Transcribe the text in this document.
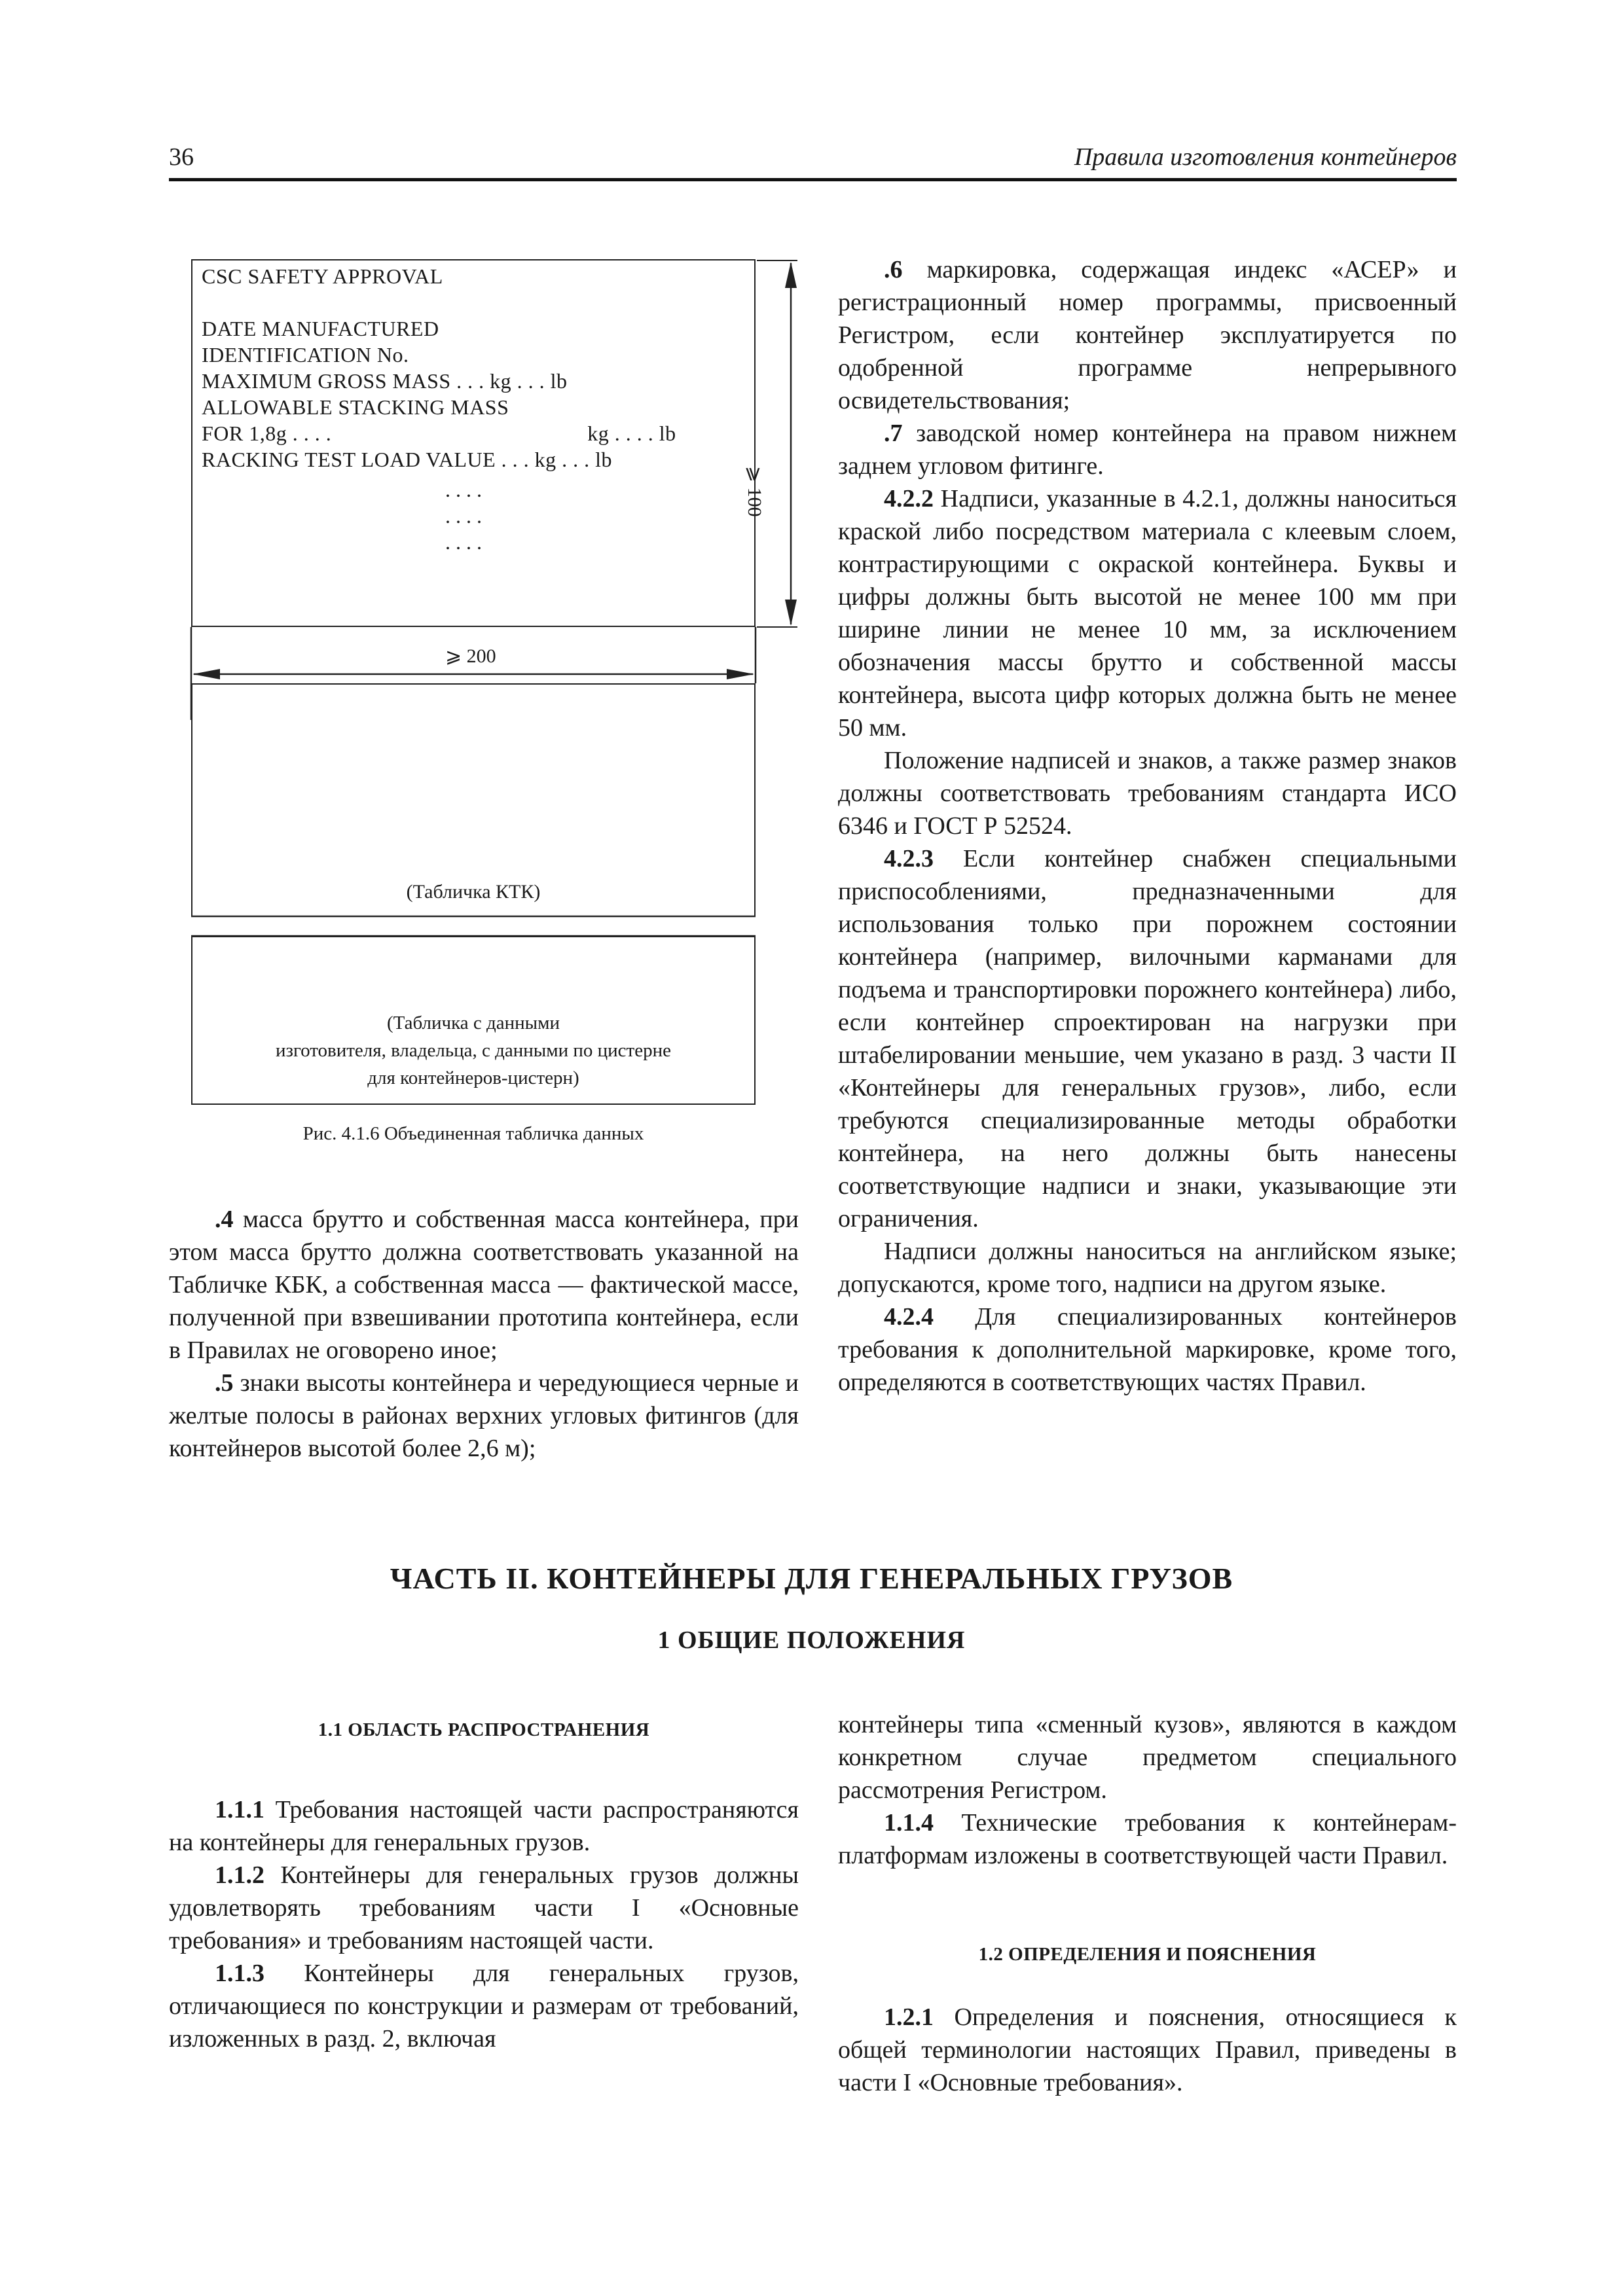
36	Правила изготовления контейнеров
. . . .
. . . .
. . . .
⩾ 200
⩾ 100
(Табличка КТК)
(Табличка с данными
изготовителя, владельца, с данными по цистерне
для контейнеров-цистерн)
Рис. 4.1.6 Объединенная табличка данных

.6 маркировка, содержащая индекс «АСЕР» и регистрационный номер программы, присвоенный Регистром, если контейнер эксплуатируется по одобренной программе непрерывного освидетельствования;

.7 заводской номер контейнера на правом нижнем заднем угловом фитинге.

4.2.2 Надписи, указанные в 4.2.1, должны наноситься краской либо посредством материала с клеевым слоем, контрастирующими с окраской контейнера. Буквы и цифры должны быть высотой не менее 100 мм при ширине линии не менее 10 мм, за исключением обозначения массы брутто и собственной массы контейнера, высота цифр которых должна быть не менее 50 мм.

Положение надписей и знаков, а также размер знаков должны соответствовать требованиям стандарта ИСО 6346 и ГОСТ Р 52524.

4.2.3 Если контейнер снабжен специальными приспособлениями, предназначенными для использования только при порожнем состоянии контейнера (например, вилочными карманами для подъема и транспортировки порожнего контейнера) либо, если контейнер спроектирован на нагрузки при штабелировании меньшие, чем указано в разд. 3 части II «Контейнеры для генеральных грузов», либо, если требуются специализированные методы обработки контейнера, на него должны быть нанесены соответствующие надписи и знаки, указывающие эти ограничения.

Надписи должны наноситься на английском языке; допускаются, кроме того, надписи на другом языке.

4.2.4 Для специализированных контейнеров требования к дополнительной маркировке, кроме того, определяются в соответствующих частях Правил.

.4 масса брутто и собственная масса контейнера, при этом масса брутто должна соответствовать указанной на Табличке КБК, а собственная масса — фактической массе, полученной при взвешивании прототипа контейнера, если в Правилах не оговорено иное;

.5 знаки высоты контейнера и чередующиеся черные и желтые полосы в районах верхних угловых фитингов (для контейнеров высотой более 2,6 м);

ЧАСТЬ II. КОНТЕЙНЕРЫ ДЛЯ ГЕНЕРАЛЬНЫХ ГРУЗОВ
1 ОБЩИЕ ПОЛОЖЕНИЯ
1.1 ОБЛАСТЬ РАСПРОСТРАНЕНИЯ

1.1.1 Требования настоящей части распространяются на контейнеры для генеральных грузов.

1.1.2 Контейнеры для генеральных грузов должны удовлетворять требованиям части I «Основные требования» и требованиям настоящей части.

1.1.3 Контейнеры для генеральных грузов, отличающиеся по конструкции и размерам от требований, изложенных в разд. 2, включая

контейнеры типа «сменный кузов», являются в каждом конкретном случае предметом специального рассмотрения Регистром.

1.1.4 Технические требования к контейнерам-платформам изложены в соответствующей части Правил.

1.2 ОПРЕДЕЛЕНИЯ И ПОЯСНЕНИЯ

1.2.1 Определения и пояснения, относящиеся к общей терминологии настоящих Правил, приведены в части I «Основные требования».

CSC SAFETY APPROVAL
DATE MANUFACTURED
IDENTIFICATION No.
MAXIMUM GROSS MASS . . . kg . . . lb
ALLOWABLE STACKING MASS
FOR 1,8g . . . .                                              kg . . . . lb
RACKING TEST LOAD VALUE . . . kg . . . lb
